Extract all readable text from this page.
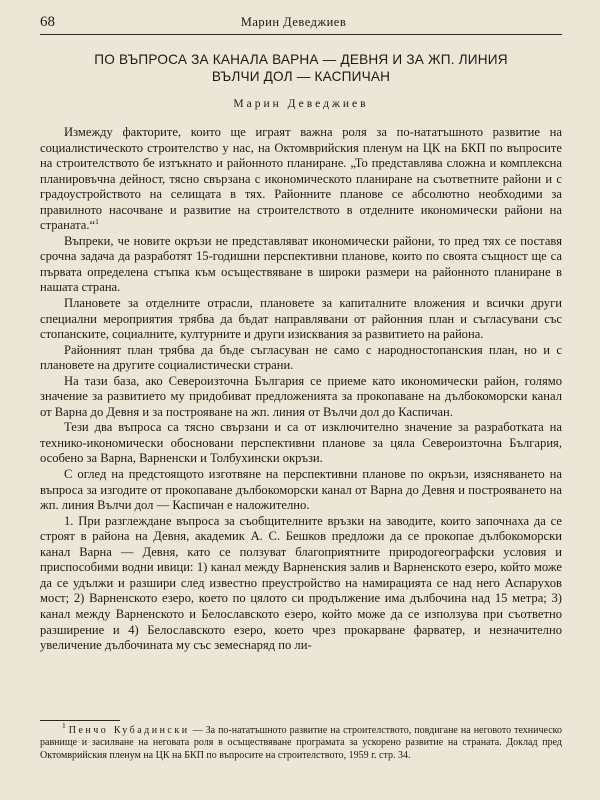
68	Марин Деведжиев
ПО ВЪПРОСА ЗА КАНАЛА ВАРНА — ДЕВНЯ И ЗА ЖП. ЛИНИЯ
ВЪЛЧИ ДОЛ — КАСПИЧАН
Марин Деведжиев

Измежду факторите, които ще играят важна роля за по-нататъшното развитие на социалистическото строителство у нас, на Октомврийския пленум на ЦК на БКП по въпросите на строителството бе изтъкнато и районното планиране. „То представлява сложна и комплексна планировъчна дейност, тясно свързана с икономическото планиране на съответните райони и с градоустройството на селищата в тях. Районните планове се абсолютно необходими за правилното насочване и развитие на строителството в отделните икономически райони на страната.“$^1$

Въпреки, че новите окръзи не представляват икономически райони, то пред тях се поставя срочна задача да разработят 15-годишни перспективни планове, които по своята същност ще са първата определена стъпка към осъществяване в широки размери на районното планиране в нашата страна.

Плановете за отделните отрасли, плановете за капиталните вложения и всички други специални мероприятия трябва да бъдат направлявани от районния план и съгласувани със стопанските, социалните, културните и други изисквания за развитието на района.

Районният план трябва да бъде съгласуван не само с народностопанския план, но и с плановете на другите социалистически страни.

На тази база, ако Североизточна България се приеме като икономически район, голямо значение за развитието му придобиват предложенията за прокопаване на дълбокоморски канал от Варна до Девня и за построяване на жп. линия от Вълчи дол до Каспичан.

Тези два въпроса са тясно свързани и са от изключително значение за разработката на технико-икономически обосновани перспективни планове за цяла Североизточна България, особено за Варна, Варненски и Толбухински окръзи.

С оглед на предстоящото изготвяне на перспективни планове по окръзи, изясняването на въпроса за изгодите от прокопаване дълбокоморски канал от Варна до Девня и построяването на жп. линия Вълчи дол — Каспичан е наложително.

1. При разглеждане въпроса за съобщителните връзки на заводите, които започнаха да се строят в района на Девня, академик А. С. Бешков предложи да се прокопае дълбокоморски канал Варна — Девня, като се ползуват благоприятните природогеографски условия и приспособими водни ивици: 1) канал между Варненския залив и Варненското езеро, който може да се удължи и разшири след известно преустройство на намирацията се над него Аспарухов мост; 2) Варненското езеро, което по цялото си продължение има дълбочина над 15 метра; 3) канал между Варненското и Белославското езеро, който може да се използува при съответно разширение и 4) Белославското езеро, което чрез прокарване фарватер, и незначително увеличение дълбочината му със земеснаряд по ли-

$^1$ Пенчо Кубадински — За по-нататъшното развитие на строителството, повдигане на неговото техническо равнище и засилване на неговата роля в осъществяване програмата за ускорено развитие на страната. Доклад пред Октомврийския пленум на ЦК на БКП по въпросите на строителството, 1959 г. стр. 34.
